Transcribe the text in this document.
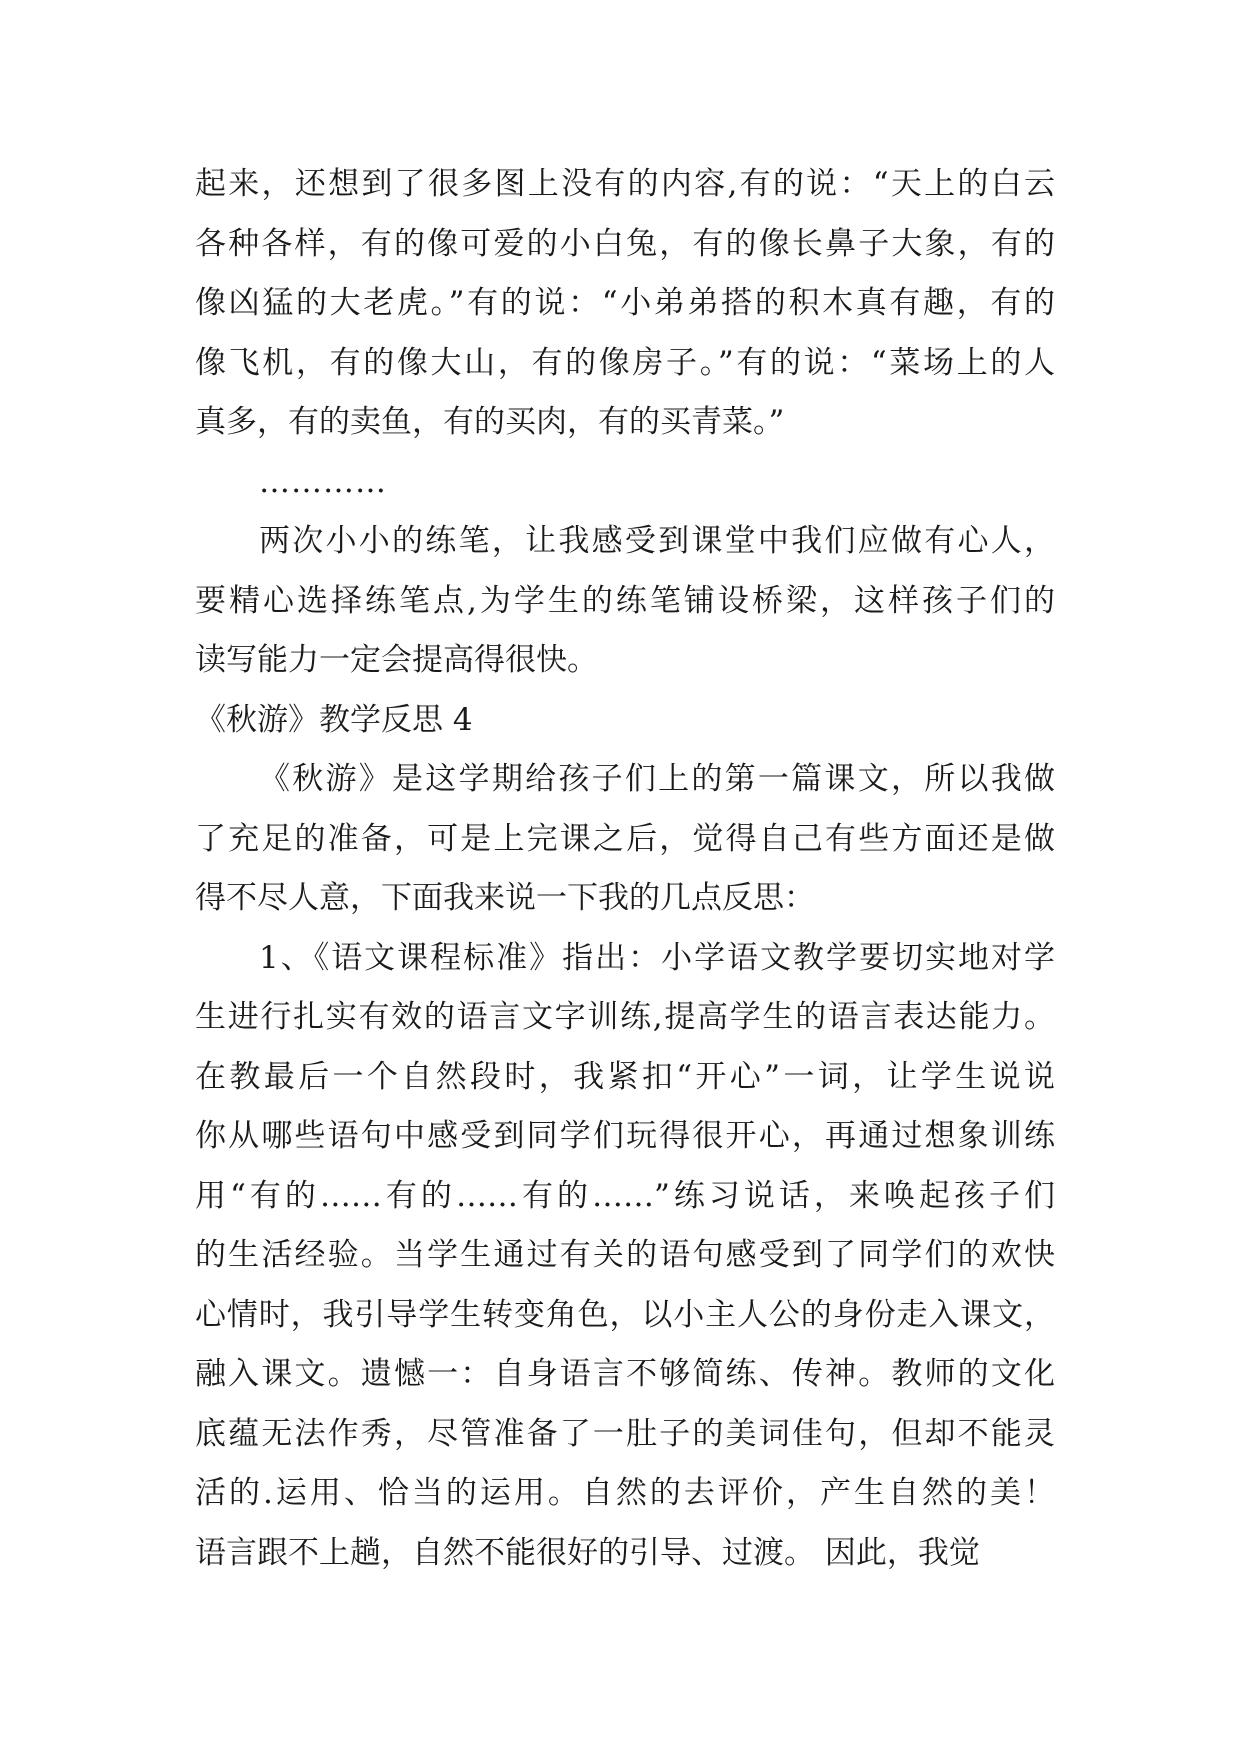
起来，还想到了很多图上没有的内容,有的说：“天上的白云
各种各样，有的像可爱的小白兔，有的像长鼻子大象，有的
像凶猛的大老虎。”有的说：“小弟弟搭的积木真有趣，有的
像飞机，有的像大山，有的像房子。”有的说：“菜场上的人
真多，有的卖鱼，有的买肉，有的买青菜。”
…………
两次小小的练笔，让我感受到课堂中我们应做有心人，
要精心选择练笔点,为学生的练笔铺设桥梁，这样孩子们的
读写能力一定会提高得很快。
《秋游》教学反思 4
《秋游》是这学期给孩子们上的第一篇课文，所以我做
了充足的准备，可是上完课之后，觉得自己有些方面还是做
得不尽人意，下面我来说一下我的几点反思：
1、《语文课程标准》指出：小学语文教学要切实地对学
生进行扎实有效的语言文字训练,提高学生的语言表达能力。
在教最后一个自然段时，我紧扣“开心”一词，让学生说说
你从哪些语句中感受到同学们玩得很开心，再通过想象训练
用“有的……有的……有的……”练习说话，来唤起孩子们
的生活经验。当学生通过有关的语句感受到了同学们的欢快
心情时，我引导学生转变角色，以小主人公的身份走入课文，
融入课文。遗憾一：自身语言不够简练、传神。教师的文化
底蕴无法作秀，尽管准备了一肚子的美词佳句，但却不能灵
活的.运用、恰当的运用。自然的去评价，产生自然的美！
语言跟不上趟，自然不能很好的引导、过渡。 因此，我觉
